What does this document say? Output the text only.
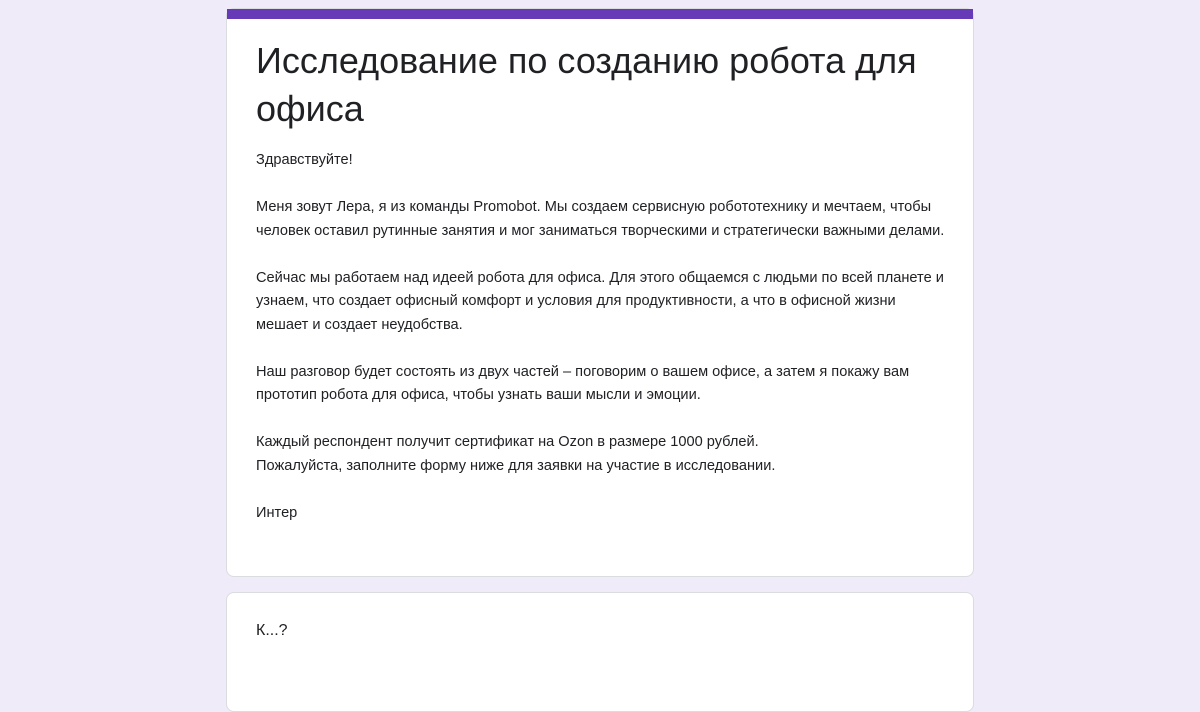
Исследование по созданию робота для офиса
Здравствуйте!

Меня зовут Лера, я из команды Promobot. Мы создаем сервисную робототехнику и мечтаем, чтобы человек оставил рутинные занятия и мог заниматься творческими и стратегически важными делами.

Сейчас мы работаем над идеей робота для офиса. Для этого общаемся с людьми по всей планете и узнаем, что создает офисный комфорт и условия для продуктивности, а что в офисной жизни мешает и создает неудобства.

Наш разговор будет состоять из двух частей – поговорим о вашем офисе, а затем я покажу вам прототип робота для офиса, чтобы узнать ваши мысли и эмоции.

Каждый респондент получит сертификат на Ozon в размере 1000 рублей.
Пожалуйста, заполните форму ниже для заявки на участие в исследовании.

Интер
К...?
